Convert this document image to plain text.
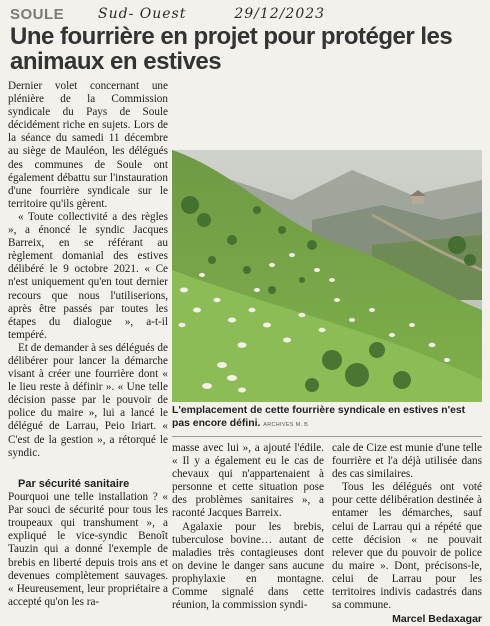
SOULE Sud- Ouest	29/12/2023
Une fourrière en projet pour protéger les animaux en estives

Dernier volet concernant une plénière de la Commission syndicale du Pays de Soule décidément riche en sujets. Lors de la séance du samedi 11 décembre au siège de Mauléon, les délégués des communes de Soule ont également débattu sur l'instauration d'une fourrière syndicale sur le territoire qu'ils gèrent.

« Toute collectivité a des règles », a énoncé le syndic Jacques Barreix, en se référant au règlement domanial des estives délibéré le 9 octobre 2021. « Ce n'est uniquement qu'en tout dernier recours que nous l'utiliserions, après être passés par toutes les étapes du dialogue », a-t-il tempéré.

Et de demander à ses délégués de délibérer pour lancer la démarche visant à créer une fourrière dont « le lieu reste à définir ». « Une telle décision passe par le pouvoir de police du maire », lui a lancé le délégué de Larrau, Peio Iriart. « C'est de la gestion », a rétorqué le syndic.

L'emplacement de cette fourrière syndicale en estives n'est pas encore défini. ARCHIVES M. B.

Par sécurité sanitaire

Pourquoi une telle installation ? « Par souci de sécurité pour tous les troupeaux qui transhument », a expliqué le vice-syndic Benoît Tauzin qui a donné l'exemple de brebis en liberté depuis trois ans et devenues complètement sauvages. « Heureusement, leur propriétaire a accepté qu'on les ra-

masse avec lui », a ajouté l'édile. « Il y a également eu le cas de chevaux qui n'appartenaient à personne et cette situation pose des problèmes sanitaires », a raconté Jacques Barreix.

Agalaxie pour les brebis, tuberculose bovine… autant de maladies très contagieuses dont on devine le danger sans aucune prophylaxie en montagne. Comme signalé dans cette réunion, la commission syndi-

cale de Cize est munie d'une telle fourrière et l'a déjà utilisée dans des cas similaires.

Tous les délégués ont voté pour cette délibération destinée à entamer les démarches, sauf celui de Larrau qui a répété que cette décision « ne pouvait relever que du pouvoir de police du maire ». Dont, précisons-le, celui de Larrau pour les territoires indivis cadastrés dans sa commune.

Marcel Bedaxagar
